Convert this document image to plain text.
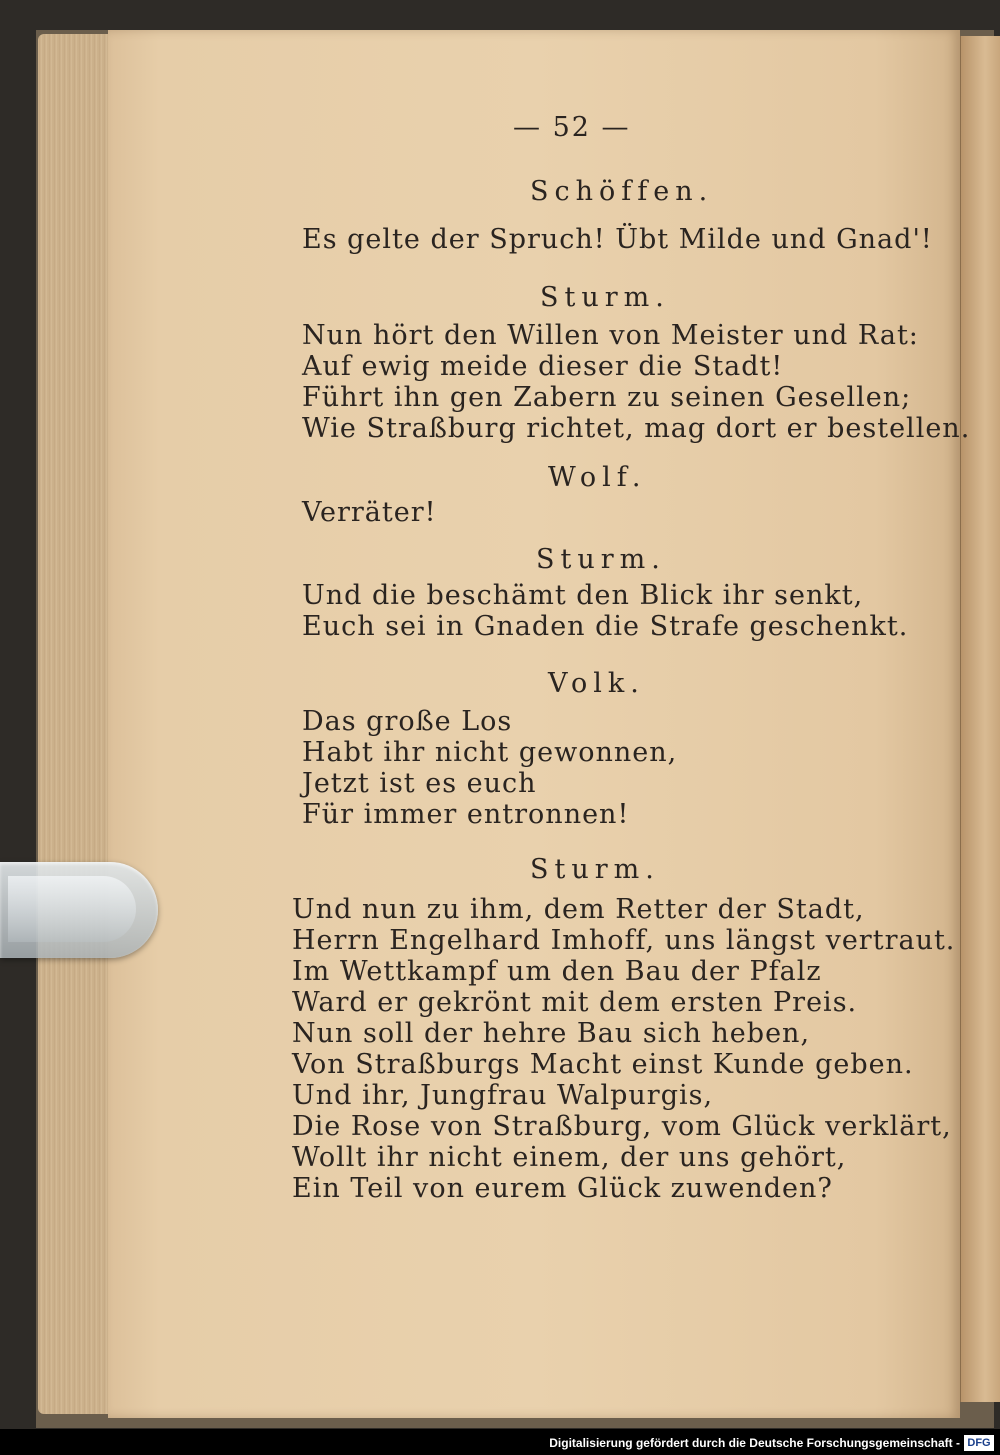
— 52 —
Schöffen.
Es gelte der Spruch! Übt Milde und Gnad'!
Sturm.
Nun hört den Willen von Meister und Rat:
Auf ewig meide dieser die Stadt!
Führt ihn gen Zabern zu seinen Gesellen;
Wie Straßburg richtet, mag dort er bestellen.
Wolf.
Verräter!
Sturm.
Und die beschämt den Blick ihr senkt,
Euch sei in Gnaden die Strafe geschenkt.
Volk.
Das große Los
Habt ihr nicht gewonnen,
Jetzt ist es euch
Für immer entronnen!
Sturm.
Und nun zu ihm, dem Retter der Stadt,
Herrn Engelhard Imhoff, uns längst vertraut.
Im Wettkampf um den Bau der Pfalz
Ward er gekrönt mit dem ersten Preis.
Nun soll der hehre Bau sich heben,
Von Straßburgs Macht einst Kunde geben.
Und ihr, Jungfrau Walpurgis,
Die Rose von Straßburg, vom Glück verklärt,
Wollt ihr nicht einem, der uns gehört,
Ein Teil von eurem Glück zuwenden?
Digitalisierung gefördert durch die Deutsche Forschungsgemeinschaft - DFG
